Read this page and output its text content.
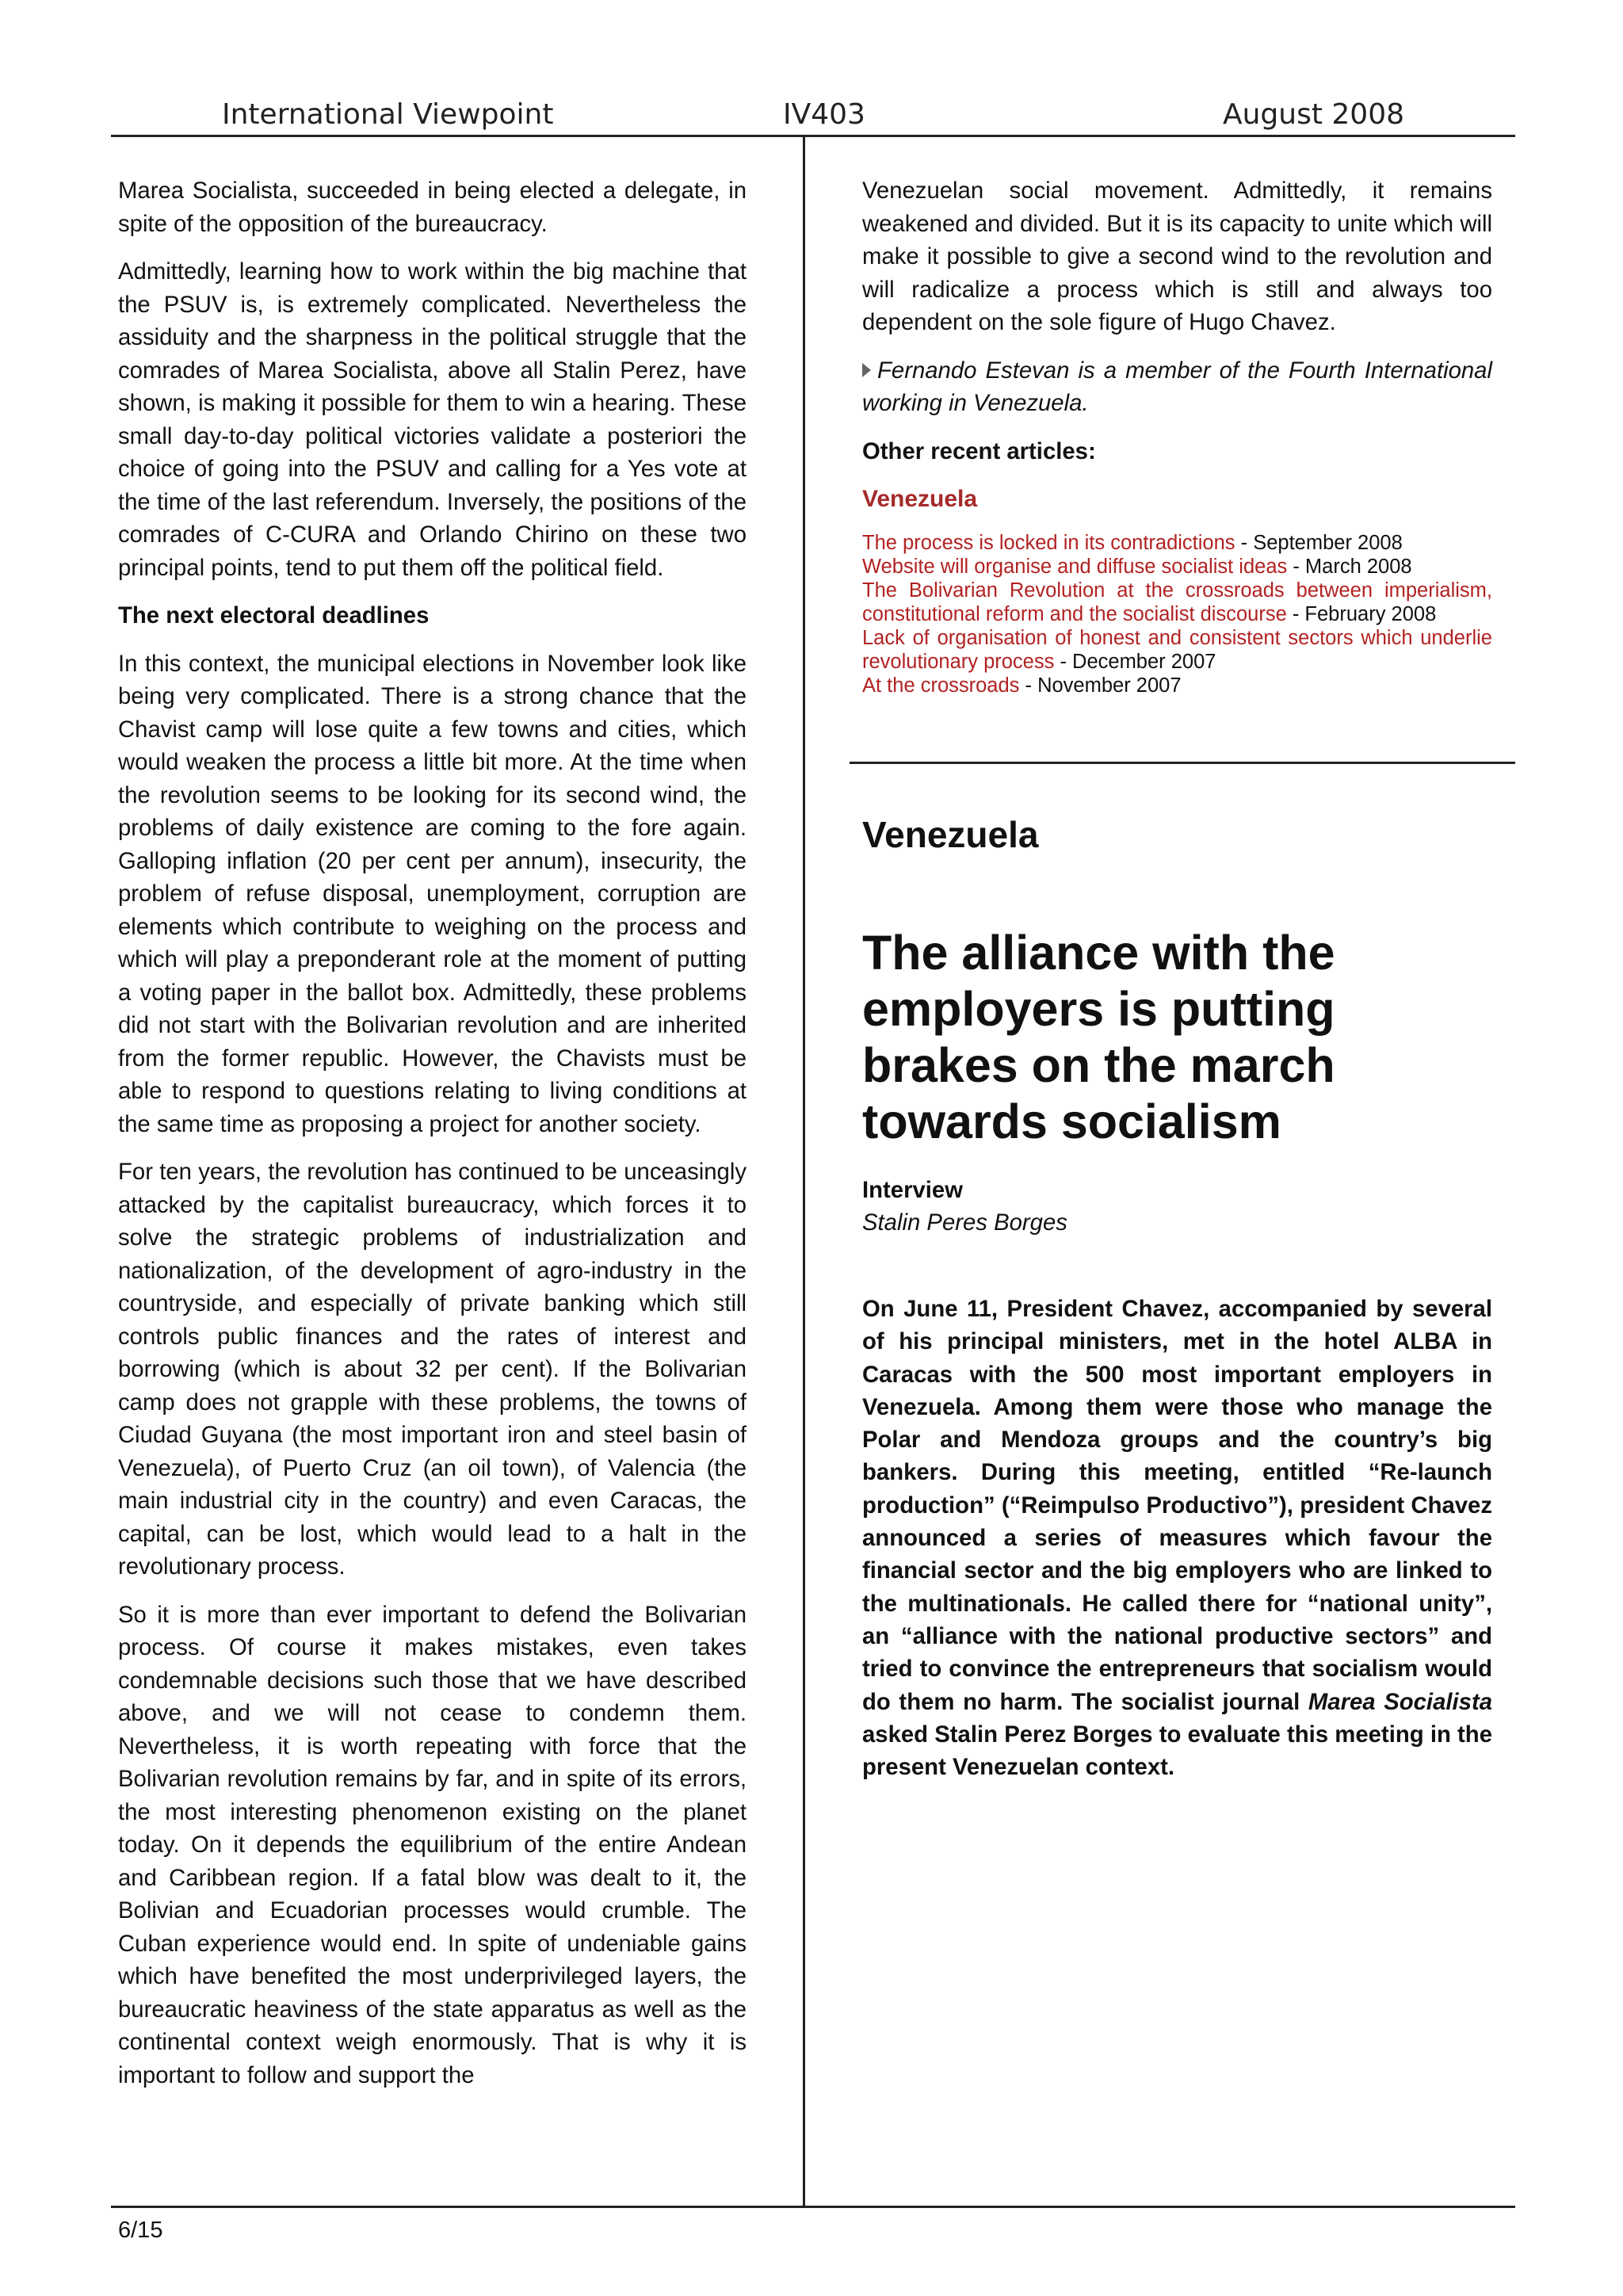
International Viewpoint	IV403	August 2008

Marea Socialista, succeeded in being elected a delegate, in spite of the opposition of the bureaucracy.

Admittedly, learning how to work within the big machine that the PSUV is, is extremely complicated. Nevertheless the assiduity and the sharpness in the political struggle that the comrades of Marea Socialista, above all Stalin Perez, have shown, is making it possible for them to win a hearing. These small day-to-day political victories validate a posteriori the choice of going into the PSUV and calling for a Yes vote at the time of the last referendum. Inversely, the positions of the comrades of C-CURA and Orlando Chirino on these two principal points, tend to put them off the political field.

The next electoral deadlines

In this context, the municipal elections in November look like being very complicated. There is a strong chance that the Chavist camp will lose quite a few towns and cities, which would weaken the process a little bit more. At the time when the revolution seems to be looking for its second wind, the problems of daily existence are coming to the fore again. Galloping inflation (20 per cent per annum), insecurity, the problem of refuse disposal, unemployment, corruption are elements which contribute to weighing on the process and which will play a preponderant role at the moment of putting a voting paper in the ballot box. Admittedly, these problems did not start with the Bolivarian revolution and are inherited from the former republic. However, the Chavists must be able to respond to questions relating to living conditions at the same time as proposing a project for another society.

For ten years, the revolution has continued to be unceasingly attacked by the capitalist bureaucracy, which forces it to solve the strategic problems of industrialization and nationalization, of the development of agro-industry in the countryside, and especially of private banking which still controls public finances and the rates of interest and borrowing (which is about 32 per cent). If the Bolivarian camp does not grapple with these problems, the towns of Ciudad Guyana (the most important iron and steel basin of Venezuela), of Puerto Cruz (an oil town), of Valencia (the main industrial city in the country) and even Caracas, the capital, can be lost, which would lead to a halt in the revolutionary process.

So it is more than ever important to defend the Bolivarian process. Of course it makes mistakes, even takes condemnable decisions such those that we have described above, and we will not cease to condemn them. Nevertheless, it is worth repeating with force that the Bolivarian revolution remains by far, and in spite of its errors, the most interesting phenomenon existing on the planet today. On it depends the equilibrium of the entire Andean and Caribbean region. If a fatal blow was dealt to it, the Bolivian and Ecuadorian processes would crumble. The Cuban experience would end. In spite of undeniable gains which have benefited the most underprivileged layers, the bureaucratic heaviness of the state apparatus as well as the continental context weigh enormously. That is why it is important to follow and support the

Venezuelan social movement. Admittedly, it remains weakened and divided. But it is its capacity to unite which will make it possible to give a second wind to the revolution and will radicalize a process which is still and always too dependent on the sole figure of Hugo Chavez.

Fernando Estevan is a member of the Fourth International working in Venezuela.

Other recent articles:

Venezuela

The process is locked in its contradictions - September 2008
Website will organise and diffuse socialist ideas - March 2008
The Bolivarian Revolution at the crossroads between imperialism, constitutional reform and the socialist discourse - February 2008
Lack of organisation of honest and consistent sectors which underlie revolutionary process - December 2007
At the crossroads - November 2007
Venezuela
The alliance with the employers is putting brakes on the march towards socialism
Interview
Stalin Peres Borges

On June 11, President Chavez, accompanied by several of his principal ministers, met in the hotel ALBA in Caracas with the 500 most important employers in Venezuela. Among them were those who manage the Polar and Mendoza groups and the country’s big bankers. During this meeting, entitled “Re-launch production” (“Reimpulso Productivo”), president Chavez announced a series of measures which favour the financial sector and the big employers who are linked to the multinationals. He called there for “national unity”, an “alliance with the national productive sectors” and tried to convince the entrepreneurs that socialism would do them no harm. The socialist journal Marea Socialista asked Stalin Perez Borges to evaluate this meeting in the present Venezuelan context.

6/15
